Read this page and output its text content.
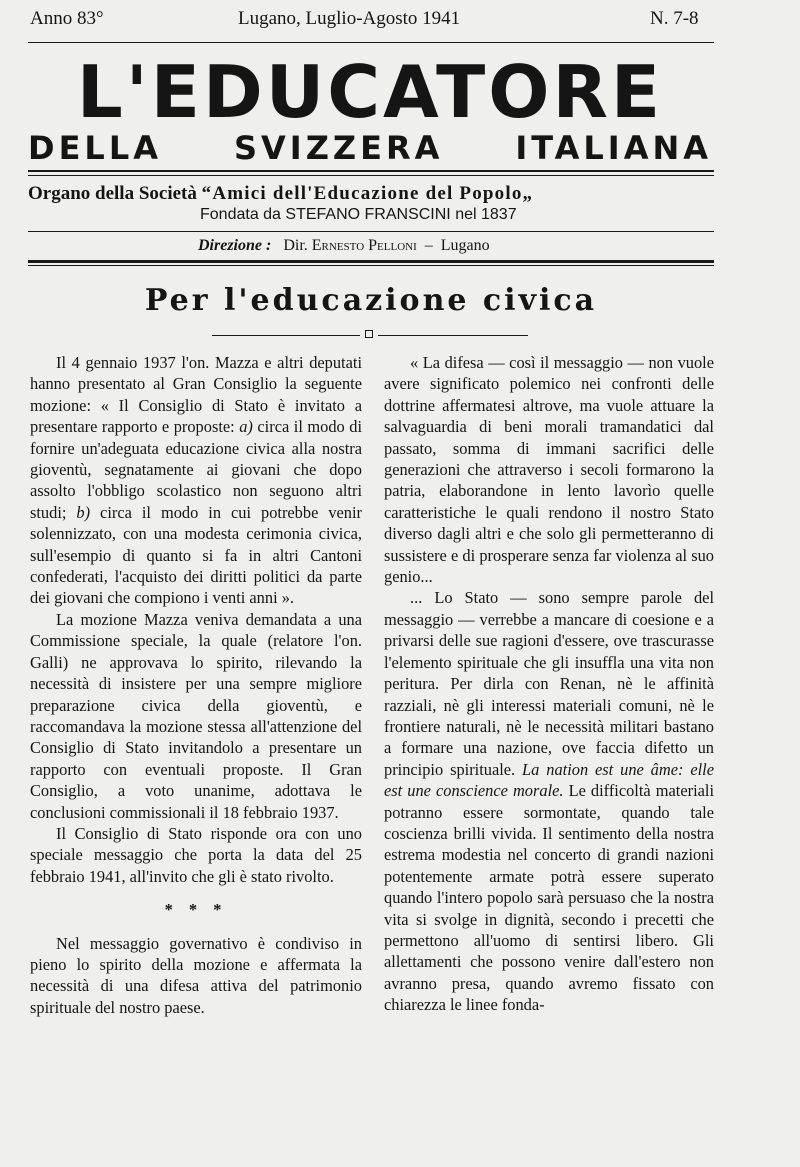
Anno 83°	Lugano, Luglio-Agosto 1941	N. 7-8
L'EDUCATORE
DELLA SVIZZERA ITALIANA
Organo della Società “Amici dell'Educazione del Popolo„
Fondata da STEFANO FRANSCINI nel 1837
Direzione : Dir. Ernesto Pelloni – Lugano
Per l'educazione civica

Il 4 gennaio 1937 l'on. Mazza e altri deputati hanno presentato al Gran Consiglio la seguente mozione: « Il Consiglio di Stato è invitato a presentare rapporto e proposte: a) circa il modo di fornire un'adeguata educazione civica alla nostra gioventù, segnatamente ai giovani che dopo assolto l'obbligo scolastico non seguono altri studi; b) circa il modo in cui potrebbe venir solennizzato, con una modesta cerimonia civica, sull'esempio di quanto si fa in altri Cantoni confederati, l'acquisto dei diritti politici da parte dei giovani che compiono i venti anni ».

La mozione Mazza veniva demandata a una Commissione speciale, la quale (relatore l'on. Galli) ne approvava lo spirito, rilevando la necessità di insistere per una sempre migliore preparazione civica della gioventù, e raccomandava la mozione stessa all'attenzione del Consiglio di Stato invitandolo a presentare un rapporto con eventuali proposte. Il Gran Consiglio, a voto unanime, adottava le conclusioni commissionali il 18 febbraio 1937.

Il Consiglio di Stato risponde ora con uno speciale messaggio che porta la data del 25 febbraio 1941, all'invito che gli è stato rivolto.

* * *

Nel messaggio governativo è condiviso in pieno lo spirito della mozione e affermata la necessità di una difesa attiva del patrimonio spirituale del nostro paese.

« La difesa — così il messaggio — non vuole avere significato polemico nei confronti delle dottrine affermatesi altrove, ma vuole attuare la salvaguardia di beni morali tramandatici dal passato, somma di immani sacrifici delle generazioni che attraverso i secoli formarono la patria, elaborandone in lento lavorìo quelle caratteristiche le quali rendono il nostro Stato diverso dagli altri e che solo gli permetteranno di sussistere e di prosperare senza far violenza al suo genio...

... Lo Stato — sono sempre parole del messaggio — verrebbe a mancare di coesione e a privarsi delle sue ragioni d'essere, ove trascurasse l'elemento spirituale che gli insuffla una vita non peritura. Per dirla con Renan, nè le affinità razziali, nè gli interessi materiali comuni, nè le frontiere naturali, nè le necessità militari bastano a formare una nazione, ove faccia difetto un principio spirituale. La nation est une âme: elle est une conscience morale. Le difficoltà materiali potranno essere sormontate, quando tale coscienza brilli vivida. Il sentimento della nostra estrema modestia nel concerto di grandi nazioni potentemente armate potrà essere superato quando l'intero popolo sarà persuaso che la nostra vita si svolge in dignità, secondo i precetti che permettono all'uomo di sentirsi libero. Gli allettamenti che possono venire dall'estero non avranno presa, quando avremo fissato con chiarezza le linee fonda-
